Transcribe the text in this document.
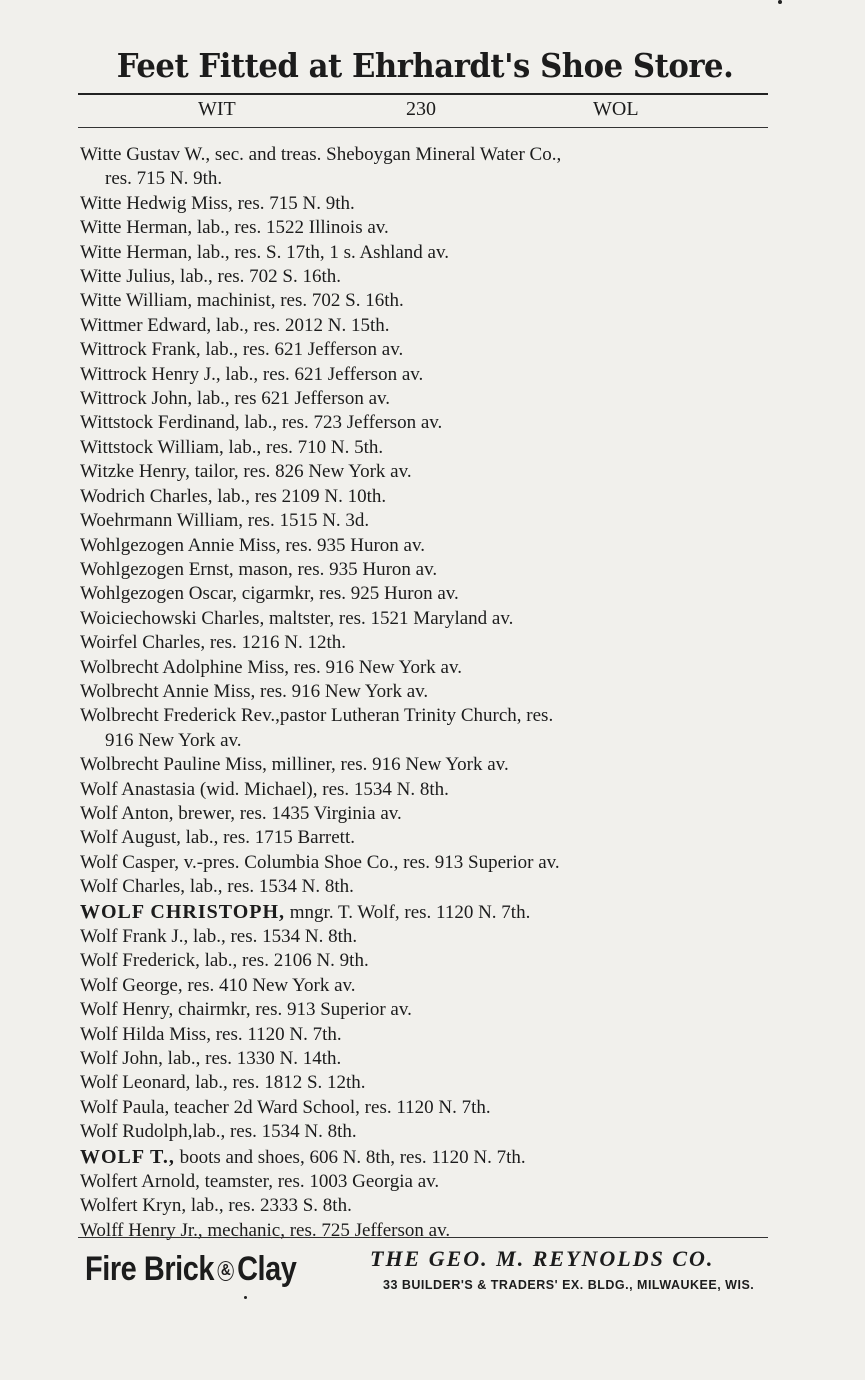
Feet Fitted at Ehrhardt's Shoe Store.
WIT	230	WOL
Witte Gustav W., sec. and treas. Sheboygan Mineral Water Co.,
res. 715 N. 9th.
Witte Hedwig Miss, res. 715 N. 9th.
Witte Herman, lab., res. 1522 Illinois av.
Witte Herman, lab., res. S. 17th, 1 s. Ashland av.
Witte Julius, lab., res. 702 S. 16th.
Witte William, machinist, res. 702 S. 16th.
Wittmer Edward, lab., res. 2012 N. 15th.
Wittrock Frank, lab., res. 621 Jefferson av.
Wittrock Henry J., lab., res. 621 Jefferson av.
Wittrock John, lab., res 621 Jefferson av.
Wittstock Ferdinand, lab., res. 723 Jefferson av.
Wittstock William, lab., res. 710 N. 5th.
Witzke Henry, tailor, res. 826 New York av.
Wodrich Charles, lab., res 2109 N. 10th.
Woehrmann William, res. 1515 N. 3d.
Wohlgezogen Annie Miss, res. 935 Huron av.
Wohlgezogen Ernst, mason, res. 935 Huron av.
Wohlgezogen Oscar, cigarmkr, res. 925 Huron av.
Woiciechowski Charles, maltster, res. 1521 Maryland av.
Woirfel Charles, res. 1216 N. 12th.
Wolbrecht Adolphine Miss, res. 916 New York av.
Wolbrecht Annie Miss, res. 916 New York av.
Wolbrecht Frederick Rev.,pastor Lutheran Trinity Church, res.
916 New York av.
Wolbrecht Pauline Miss, milliner, res. 916 New York av.
Wolf Anastasia (wid. Michael), res. 1534 N. 8th.
Wolf Anton, brewer, res. 1435 Virginia av.
Wolf August, lab., res. 1715 Barrett.
Wolf Casper, v.-pres. Columbia Shoe Co., res. 913 Superior av.
Wolf Charles, lab., res. 1534 N. 8th.
WOLF CHRISTOPH, mngr. T. Wolf, res. 1120 N. 7th.
Wolf Frank J., lab., res. 1534 N. 8th.
Wolf Frederick, lab., res. 2106 N. 9th.
Wolf George, res. 410 New York av.
Wolf Henry, chairmkr, res. 913 Superior av.
Wolf Hilda Miss, res. 1120 N. 7th.
Wolf John, lab., res. 1330 N. 14th.
Wolf Leonard, lab., res. 1812 S. 12th.
Wolf Paula, teacher 2d Ward School, res. 1120 N. 7th.
Wolf Rudolph,lab., res. 1534 N. 8th.
WOLF T., boots and shoes, 606 N. 8th, res. 1120 N. 7th.
Wolfert Arnold, teamster, res. 1003 Georgia av.
Wolfert Kryn, lab., res. 2333 S. 8th.
Wolff Henry Jr., mechanic, res. 725 Jefferson av.
Fire Brick & Clay	THE GEO. M. REYNOLDS CO.
33 BUILDER'S & TRADERS' EX. BLDG., MILWAUKEE, WIS.
